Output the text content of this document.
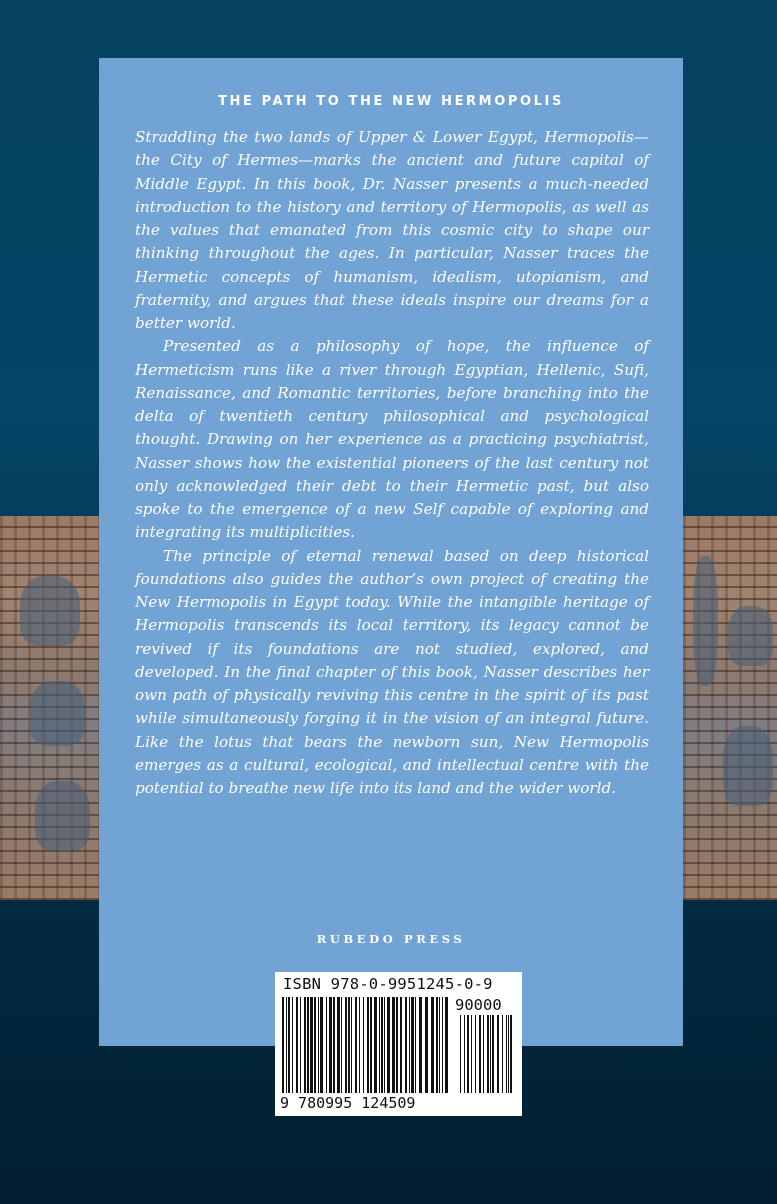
THE PATH TO THE NEW HERMOPOLIS

Straddling the two lands of Upper & Lower Egypt, Hermopolis—the City of Hermes—marks the ancient and future capital of Middle Egypt. In this book, Dr. Nasser presents a much-needed introduction to the history and territory of Hermopolis, as well as the values that emanated from this cosmic city to shape our thinking throughout the ages. In particular, Nasser traces the Hermetic concepts of humanism, idealism, utopianism, and fraternity, and argues that these ideals inspire our dreams for a better world.

Presented as a philosophy of hope, the influence of Hermeticism runs like a river through Egyptian, Hellenic, Sufi, Renaissance, and Romantic territories, before branching into the delta of twentieth century philosophical and psychological thought. Drawing on her experience as a practicing psychiatrist, Nasser shows how the existential pioneers of the last century not only acknowledged their debt to their Hermetic past, but also spoke to the emergence of a new Self capable of exploring and integrating its multiplicities.

The principle of eternal renewal based on deep historical foundations also guides the author’s own project of creating the New Hermopolis in Egypt today. While the intangible heritage of Hermopolis transcends its local territory, its legacy cannot be revived if its foundations are not studied, explored, and developed. In the final chapter of this book, Nasser describes her own path of physically reviving this centre in the spirit of its past while simultaneously forging it in the vision of an integral future. Like the lotus that bears the newborn sun, New Hermopolis emerges as a cultural, ecological, and intellectual centre with the potential to breathe new life into its land and the wider world.

RUBEDO PRESS

ISBN 978-0-9951245-0-9

90000

9 780995 124509
